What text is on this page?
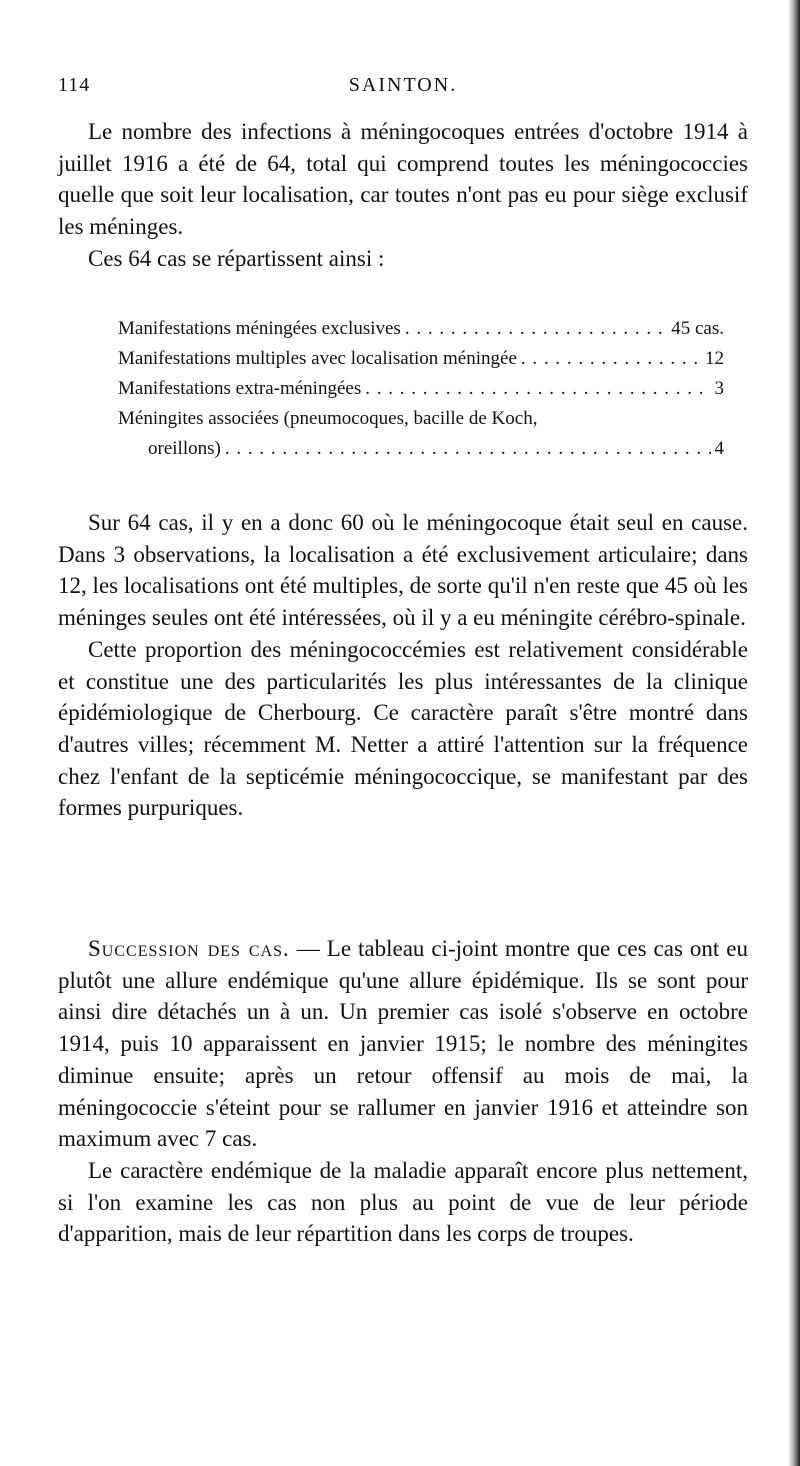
114	SAINTON.

Le nombre des infections à méningocoques entrées d'octobre 1914 à juillet 1916 a été de 64, total qui comprend toutes les méningococcies quelle que soit leur localisation, car toutes n'ont pas eu pour siège exclusif les méninges.

Ces 64 cas se répartissent ainsi :

Manifestations méningées exclusives . . .	45 cas.
Manifestations multiples avec localisation méningée . . .	12
Manifestations extra-méningées . . .	3
Méningites associées (pneumocoques, bacille de Koch,
oreillons) . . .	4

Sur 64 cas, il y en a donc 60 où le méningocoque était seul en cause. Dans 3 observations, la localisation a été exclusivement articulaire; dans 12, les localisations ont été multiples, de sorte qu'il n'en reste que 45 où les méninges seules ont été intéressées, où il y a eu méningite cérébro-spinale.

Cette proportion des méningococcémies est relativement considérable et constitue une des particularités les plus intéressantes de la clinique épidémiologique de Cherbourg. Ce caractère paraît s'être montré dans d'autres villes; récemment M. Netter a attiré l'attention sur la fréquence chez l'enfant de la septicémie méningococcique, se manifestant par des formes purpuriques.

Succession des cas. — Le tableau ci-joint montre que ces cas ont eu plutôt une allure endémique qu'une allure épidémique. Ils se sont pour ainsi dire détachés un à un. Un premier cas isolé s'observe en octobre 1914, puis 10 apparaissent en janvier 1915; le nombre des méningites diminue ensuite; après un retour offensif au mois de mai, la méningococcie s'éteint pour se rallumer en janvier 1916 et atteindre son maximum avec 7 cas.

Le caractère endémique de la maladie apparaît encore plus nettement, si l'on examine les cas non plus au point de vue de leur période d'apparition, mais de leur répartition dans les corps de troupes.
